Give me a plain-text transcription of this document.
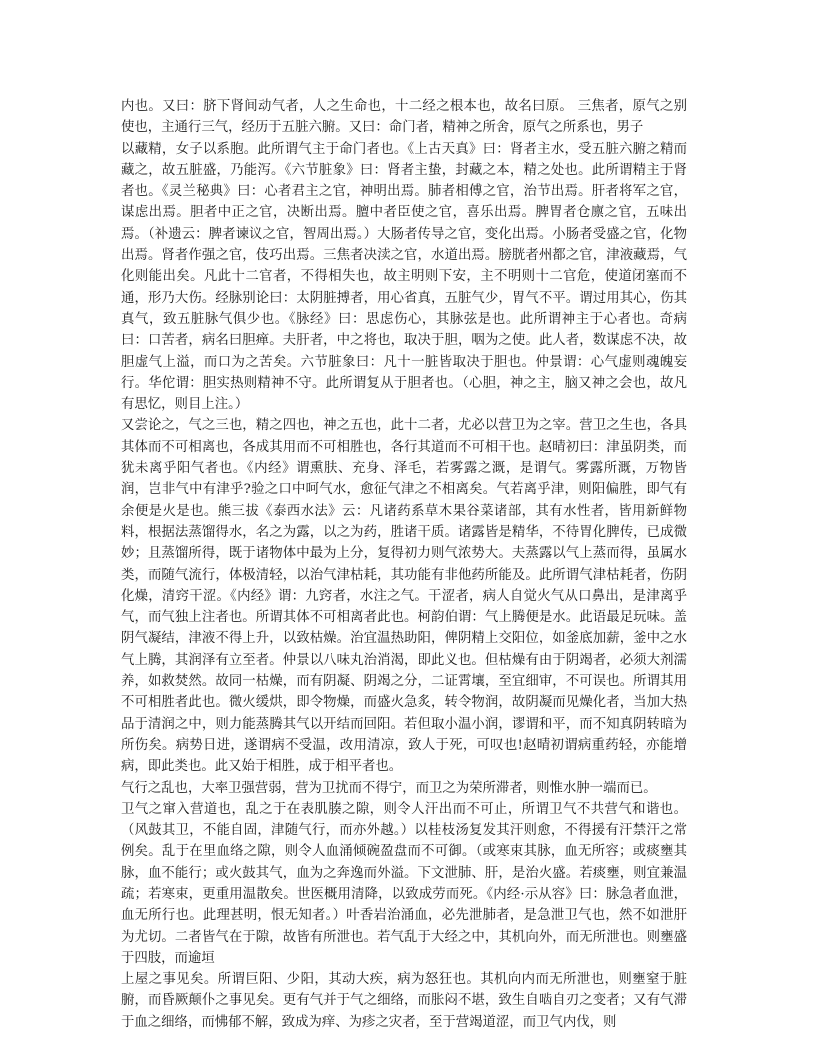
内也。又曰：脐下肾间动气者，人之生命也，十二经之根本也，故名曰原。 三焦者，原气之别使也，主通行三气，经历于五脏六腑。又曰：命门者，精神之所舍，原气之所系也，男子

以藏精，女子以系胞。此所谓气主于命门者也。《上古天真》曰：肾者主水，受五脏六腑之精而藏之，故五脏盛，乃能泻。《六节脏象》曰：肾者主蛰，封藏之本，精之处也。此所谓精主于肾者也。《灵兰秘典》曰：心者君主之官，神明出焉。肺者相傅之官，治节出焉。肝者将军之官，谋虑出焉。胆者中正之官，决断出焉。膻中者臣使之官，喜乐出焉。脾胃者仓廪之官，五味出焉。（补遗云：脾者谏议之官，智周出焉。）大肠者传导之官，变化出焉。小肠者受盛之官，化物出焉。肾者作强之官，伎巧出焉。三焦者决渎之官，水道出焉。膀胱者州都之官，津液藏焉，气化则能出矣。凡此十二官者，不得相失也，故主明则下安，主不明则十二官危，使道闭塞而不通，形乃大伤。经脉别论曰：太阴脏搏者，用心省真，五脏气少，胃气不平。谓过用其心，伤其真气，致五脏脉气俱少也。《脉经》曰：思虑伤心，其脉弦是也。此所谓神主于心者也。奇病曰：口苦者，病名曰胆瘅。夫肝者，中之将也，取决于胆，咽为之使。此人者，数谋虑不决，故胆虚气上溢，而口为之苦矣。六节脏象曰：凡十一脏皆取决于胆也。仲景谓：心气虚则魂魄妄行。华佗谓：胆实热则精神不守。此所谓复从于胆者也。（心胆，神之主，脑又神之会也，故凡有思忆，则目上注。）

又尝论之，气之三也，精之四也，神之五也，此十二者，尤必以营卫为之宰。营卫之生也，各具其体而不可相离也，各成其用而不可相胜也，各行其道而不可相干也。赵晴初曰：津虽阴类，而犹未离乎阳气者也。《内经》谓熏肤、充身、泽毛，若雾露之溉，是谓气。雾露所溉，万物皆润，岂非气中有津乎?验之口中呵气水，愈征气津之不相离矣。气若离乎津，则阳偏胜，即气有余便是火是也。熊三拔《泰西水法》云：凡诸药系草木果谷菜诸部，其有水性者，皆用新鲜物料，根据法蒸馏得水，名之为露，以之为药，胜诸干质。诸露皆是精华，不待胃化脾传，已成微妙；且蒸馏所得，既于诸物体中最为上分，复得初力则气浓势大。夫蒸露以气上蒸而得，虽属水类，而随气流行，体极清轻，以治气津枯耗，其功能有非他药所能及。此所谓气津枯耗者，伤阴化燥，清窍干涩。《内经》谓：九窍者，水注之气。干涩者，病人自觉火气从口鼻出，是津离乎气，而气独上注者也。所谓其体不可相离者此也。柯韵伯谓：气上腾便是水。此语最足玩味。盖阴气凝结，津液不得上升，以致枯燥。治宜温热助阳，俾阴精上交阳位，如釜底加薪，釜中之水气上腾，其润泽有立至者。仲景以八味丸治消渴，即此义也。但枯燥有由于阴竭者，必须大剂濡养，如救焚然。故同一枯燥，而有阴凝、阴竭之分，二证霄壤，至宜细审，不可误也。所谓其用不可相胜者此也。微火缓烘，即令物燥，而盛火急炙，转令物润，故阴凝而见燥化者，当加大热品于清润之中，则力能蒸腾其气以开结而回阳。若但取小温小润，谬谓和平，而不知真阴转暗为所伤矣。病势日进，遂谓病不受温，改用清凉，致人于死，可叹也!赵晴初谓病重药轻，亦能增病，即此类也。此又始于相胜，成于相平者也。

气行之乱也，大率卫强营弱，营为卫扰而不得宁，而卫之为荣所滞者，则惟水肿一端而已。

卫气之窜入营道也，乱之于在表肌腠之隙，则令人汗出而不可止，所谓卫气不共营气和谐也。（风鼓其卫，不能自固，津随气行，而亦外越。）以桂枝汤复发其汗则愈，不得援有汗禁汗之常例矣。乱于在里血络之隙，则令人血涌倾碗盈盘而不可御。（或寒束其脉，血无所容；或痰壅其脉，血不能行；或火鼓其气，血为之奔逸而外溢。下文泄肺、肝，是治火盛。若痰壅，则宜兼温疏；若寒束，更重用温散矣。世医概用清降，以致成劳而死。《内经·示从容》曰：脉急者血泄，血无所行也。此理甚明，恨无知者。）叶香岩治涌血，必先泄肺者，是急泄卫气也，然不如泄肝为尤切。二者皆气在于隙，故皆有所泄也。若气乱于大经之中，其机向外，而无所泄也。则壅盛于四肢，而逾垣

上屋之事见矣。所谓巨阳、少阳，其动大疾，病为怒狂也。其机向内而无所泄也，则壅窒于脏腑，而昏厥颠仆之事见矣。更有气并于气之细络，而胀闷不堪，致生自啮自刃之变者；又有气滞于血之细络，而怫郁不解，致成为痒、为疹之灾者，至于营竭道涩，而卫气内伐，则
